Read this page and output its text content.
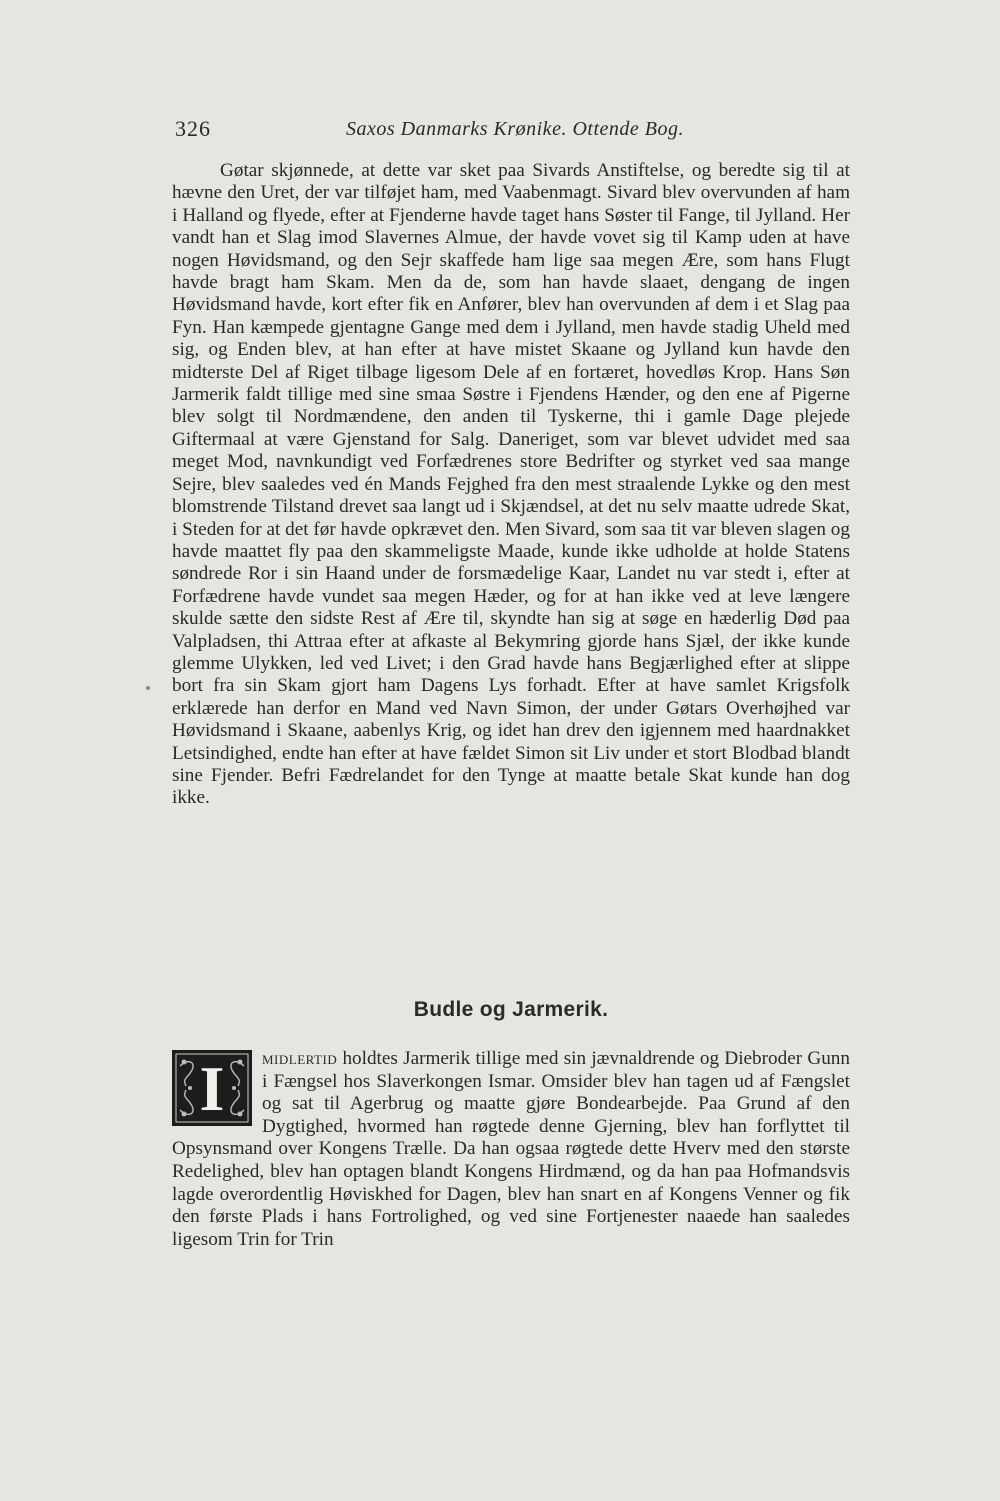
326	Saxos Danmarks Krønike. Ottende Bog.

Gøtar skjønnede, at dette var sket paa Sivards Anstiftelse, og beredte sig til at hævne den Uret, der var tilføjet ham, med Vaabenmagt. Sivard blev overvunden af ham i Halland og flyede, efter at Fjenderne havde taget hans Søster til Fange, til Jylland. Her vandt han et Slag imod Slavernes Almue, der havde vovet sig til Kamp uden at have nogen Høvidsmand, og den Sejr skaffede ham lige saa megen Ære, som hans Flugt havde bragt ham Skam. Men da de, som han havde slaaet, dengang de ingen Høvidsmand havde, kort efter fik en Anfører, blev han overvunden af dem i et Slag paa Fyn. Han kæmpede gjentagne Gange med dem i Jylland, men havde stadig Uheld med sig, og Enden blev, at han efter at have mistet Skaane og Jylland kun havde den midterste Del af Riget tilbage ligesom Dele af en fortæret, hovedløs Krop. Hans Søn Jarmerik faldt tillige med sine smaa Søstre i Fjendens Hænder, og den ene af Pigerne blev solgt til Nordmændene, den anden til Tyskerne, thi i gamle Dage plejede Giftermaal at være Gjenstand for Salg. Daneriget, som var blevet udvidet med saa meget Mod, navnkundigt ved Forfædrenes store Bedrifter og styrket ved saa mange Sejre, blev saaledes ved én Mands Fejghed fra den mest straalende Lykke og den mest blomstrende Tilstand drevet saa langt ud i Skjændsel, at det nu selv maatte udrede Skat, i Steden for at det før havde opkrævet den. Men Sivard, som saa tit var bleven slagen og havde maattet fly paa den skammeligste Maade, kunde ikke udholde at holde Statens søndrede Ror i sin Haand under de forsmædelige Kaar, Landet nu var stedt i, efter at Forfædrene havde vundet saa megen Hæder, og for at han ikke ved at leve længere skulde sætte den sidste Rest af Ære til, skyndte han sig at søge en hæderlig Død paa Valpladsen, thi Attraa efter at afkaste al Bekymring gjorde hans Sjæl, der ikke kunde glemme Ulykken, led ved Livet; i den Grad havde hans Begjærlighed efter at slippe bort fra sin Skam gjort ham Dagens Lys forhadt. Efter at have samlet Krigsfolk erklærede han derfor en Mand ved Navn Simon, der under Gøtars Overhøjhed var Høvidsmand i Skaane, aabenlys Krig, og idet han drev den igjennem med haardnakket Letsindighed, endte han efter at have fældet Simon sit Liv under et stort Blodbad blandt sine Fjender. Befri Fædrelandet for den Tynge at maatte betale Skat kunde han dog ikke.

Budle og Jarmerik.
I	midlertid holdtes Jarmerik tillige med sin jævnaldrende og Diebroder Gunn i Fængsel hos Slaverkongen Ismar. Omsider blev han tagen ud af Fængslet og sat til Agerbrug og maatte gjøre Bondearbejde. Paa Grund af den Dygtighed, hvormed han røgtede denne Gjerning, blev han forflyttet til Opsynsmand over Kongens Trælle. Da han ogsaa røgtede dette Hverv med den største Redelighed, blev han optagen blandt Kongens Hirdmænd, og da han paa Hofmandsvis lagde overordentlig Høviskhed for Dagen, blev han snart en af Kongens Venner og fik den første Plads i hans Fortrolighed, og ved sine Fortjenester naaede han saaledes ligesom Trin for Trin
